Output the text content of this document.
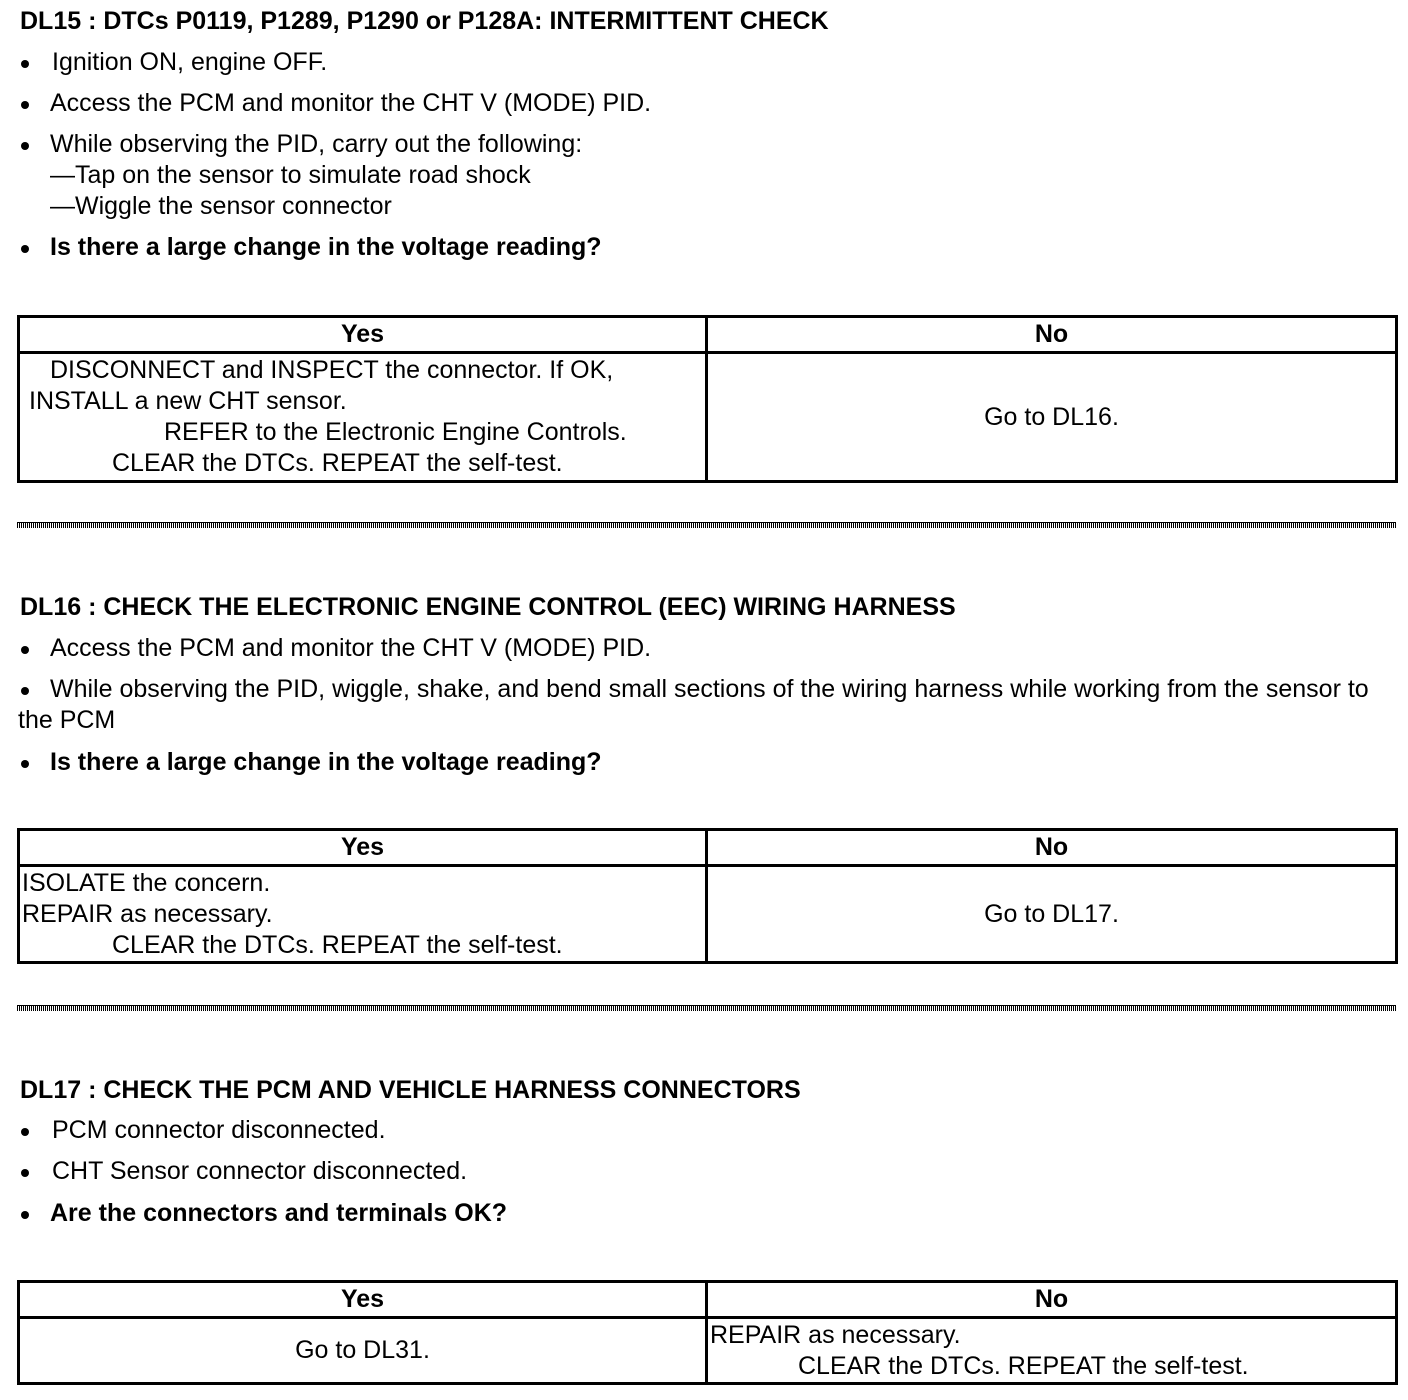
DL15 : DTCs P0119, P1289, P1290 or P128A: INTERMITTENT CHECK
Ignition ON, engine OFF.
Access the PCM and monitor the CHT V (MODE) PID.
While observing the PID, carry out the following:
—Tap on the sensor to simulate road shock
—Wiggle the sensor connector
Is there a large change in the voltage reading?
Yes	No

DISCONNECT and INSPECT the connector. If OK,
INSTALL a new CHT sensor.
REFER to the Electronic Engine Controls.
CLEAR the DTCs. REPEAT the self-test.	Go to DL16.
DL16 : CHECK THE ELECTRONIC ENGINE CONTROL (EEC) WIRING HARNESS
Access the PCM and monitor the CHT V (MODE) PID.
While observing the PID, wiggle, shake, and bend small sections of the wiring harness while working from the sensor to the PCM
Is there a large change in the voltage reading?
Yes	No

ISOLATE the concern.
REPAIR as necessary.
CLEAR the DTCs. REPEAT the self-test.	Go to DL17.
DL17 : CHECK THE PCM AND VEHICLE HARNESS CONNECTORS
PCM connector disconnected.
CHT Sensor connector disconnected.
Are the connectors and terminals OK?
Yes	No
Go to DL31.	REPAIR as necessary.
CLEAR the DTCs. REPEAT the self-test.
